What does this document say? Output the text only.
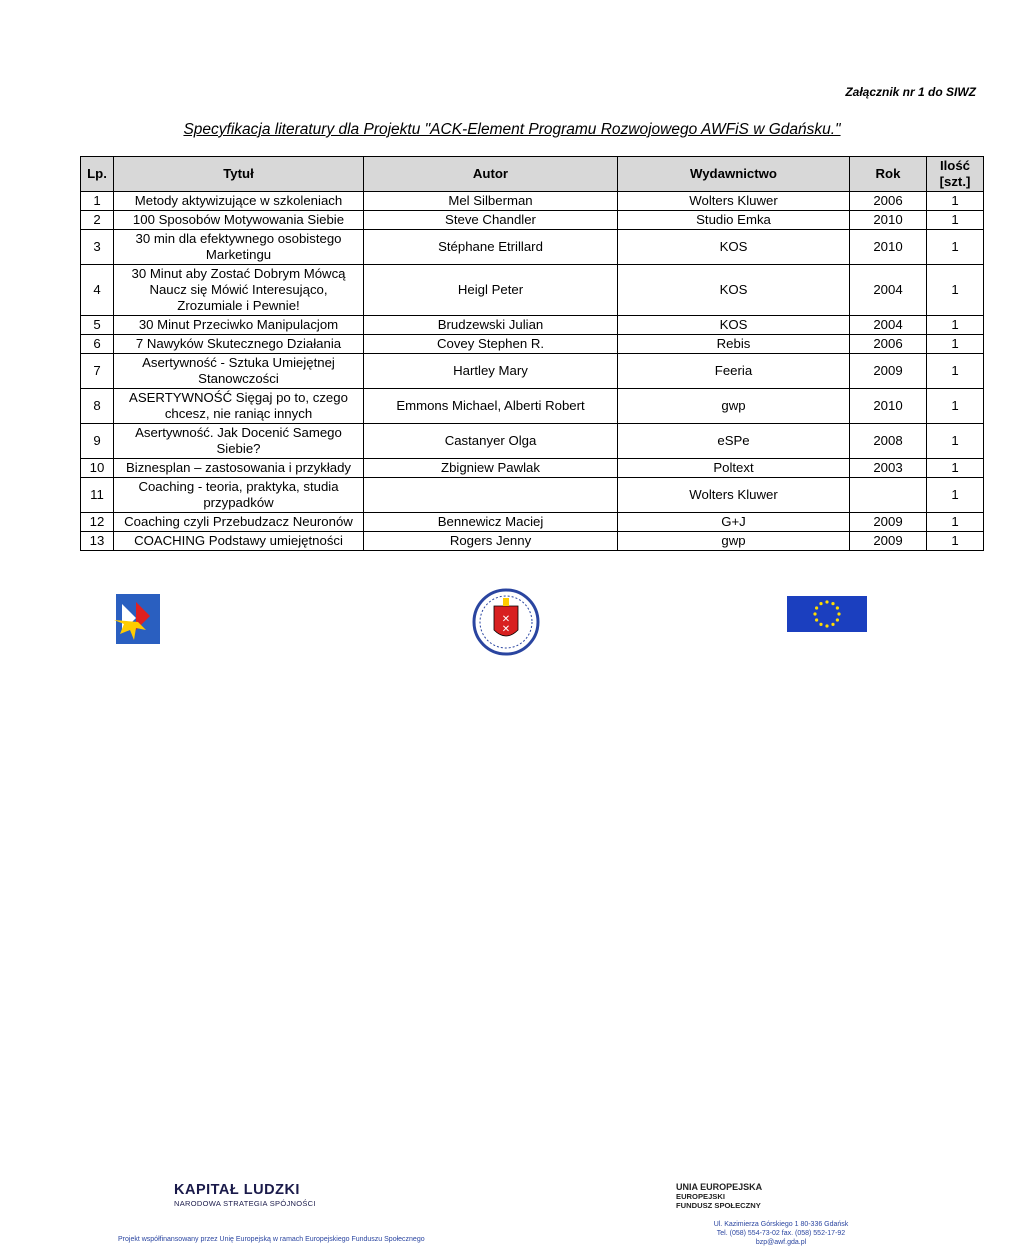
Załącznik nr 1 do SIWZ
Specyfikacja literatury dla Projektu "ACK-Element Programu Rozwojowego AWFiS w Gdańsku."
Lp.	Tytuł	Autor	Wydawnictwo	Rok	Ilość [szt.]
1	Metody aktywizujące w szkoleniach	Mel Silberman	Wolters Kluwer	2006	1
2	100 Sposobów Motywowania Siebie	Steve Chandler	Studio Emka	2010	1
3	30 min dla efektywnego osobistego Marketingu	Stéphane Etrillard	KOS	2010	1
4	30 Minut aby Zostać Dobrym Mówcą Naucz się Mówić Interesująco, Zrozumiale i Pewnie!	Heigl Peter	KOS	2004	1
5	30 Minut Przeciwko Manipulacjom	Brudzewski Julian	KOS	2004	1
6	7 Nawyków Skutecznego Działania	Covey Stephen R.	Rebis	2006	1
7	Asertywność - Sztuka Umiejętnej Stanowczości	Hartley Mary	Feeria	2009	1
8	ASERTYWNOŚĆ Sięgaj po to, czego chcesz, nie raniąc innych	Emmons Michael, Alberti Robert	gwp	2010	1
9	Asertywność. Jak Docenić Samego Siebie?	Castanyer Olga	eSPe	2008	1
10	Biznesplan – zastosowania i przykłady	Zbigniew Pawlak	Poltext	2003	1
11	Coaching - teoria, praktyka, studia przypadków		Wolters Kluwer		1
12	Coaching czyli Przebudzacz Neuronów	Bennewicz Maciej	G+J	2009	1
13	COACHING Podstawy umiejętności	Rogers Jenny	gwp	2009	1
KAPITAŁ LUDZKI
NARODOWA STRATEGIA SPÓJNOŚCI
✕
✕
UNIA EUROPEJSKA
EUROPEJSKI
FUNDUSZ SPOŁECZNY
Ul. Kazimierza Górskiego 1 80-336 Gdańsk
Tel. (058) 554-73-02 fax. (058) 552-17-92
bzp@awf.gda.pl
Projekt współfinansowany przez Unię Europejską w ramach Europejskiego Funduszu Społecznego
